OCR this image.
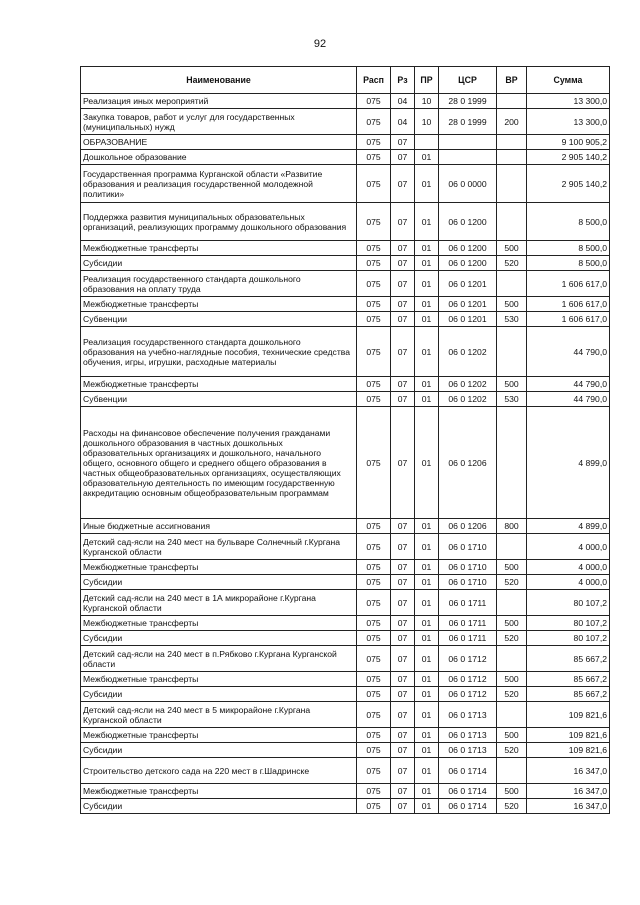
92
Наименование	Расп	Рз	ПР	ЦСР	ВР	Сумма
Реализация иных мероприятий	075	04	10	28 0 1999		13 300,0
Закупка товаров, работ и услуг для государственных (муниципальных) нужд	075	04	10	28 0 1999	200	13 300,0
ОБРАЗОВАНИЕ	075	07				9 100 905,2
Дошкольное образование	075	07	01			2 905 140,2
Государственная программа Курганской области «Развитие образования и реализация государственной молодежной политики»	075	07	01	06 0 0000		2 905 140,2
Поддержка развития муниципальных образовательных организаций, реализующих программу дошкольного образования	075	07	01	06 0 1200		8 500,0
Межбюджетные трансферты	075	07	01	06 0 1200	500	8 500,0
Субсидии	075	07	01	06 0 1200	520	8 500,0
Реализация государственного стандарта дошкольного образования на оплату труда	075	07	01	06 0 1201		1 606 617,0
Межбюджетные трансферты	075	07	01	06 0 1201	500	1 606 617,0
Субвенции	075	07	01	06 0 1201	530	1 606 617,0
Реализация государственного стандарта дошкольного образования на учебно-наглядные пособия, технические средства обучения, игры, игрушки, расходные материалы	075	07	01	06 0 1202		44 790,0
Межбюджетные трансферты	075	07	01	06 0 1202	500	44 790,0
Субвенции	075	07	01	06 0 1202	530	44 790,0
Расходы на финансовое обеспечение получения гражданами дошкольного образования в частных дошкольных образовательных организациях и дошкольного, начального общего, основного общего и среднего общего образования в частных общеобразовательных организациях, осуществляющих образовательную деятельность по имеющим государственную аккредитацию основным общеобразовательным программам	075	07	01	06 0 1206		4 899,0
Иные бюджетные ассигнования	075	07	01	06 0 1206	800	4 899,0
Детский сад-ясли на 240 мест на бульваре Солнечный г.Кургана Курганской области	075	07	01	06 0 1710		4 000,0
Межбюджетные трансферты	075	07	01	06 0 1710	500	4 000,0
Субсидии	075	07	01	06 0 1710	520	4 000,0
Детский сад-ясли на 240 мест в 1А микрорайоне г.Кургана Курганской области	075	07	01	06 0 1711		80 107,2
Межбюджетные трансферты	075	07	01	06 0 1711	500	80 107,2
Субсидии	075	07	01	06 0 1711	520	80 107,2
Детский сад-ясли на 240 мест в п.Рябково г.Кургана Курганской области	075	07	01	06 0 1712		85 667,2
Межбюджетные трансферты	075	07	01	06 0 1712	500	85 667,2
Субсидии	075	07	01	06 0 1712	520	85 667,2
Детский сад-ясли на 240 мест в 5 микрорайоне г.Кургана Курганской области	075	07	01	06 0 1713		109 821,6
Межбюджетные трансферты	075	07	01	06 0 1713	500	109 821,6
Субсидии	075	07	01	06 0 1713	520	109 821,6
Строительство детского сада на 220 мест в г.Шадринске	075	07	01	06 0 1714		16 347,0
Межбюджетные трансферты	075	07	01	06 0 1714	500	16 347,0
Субсидии	075	07	01	06 0 1714	520	16 347,0
